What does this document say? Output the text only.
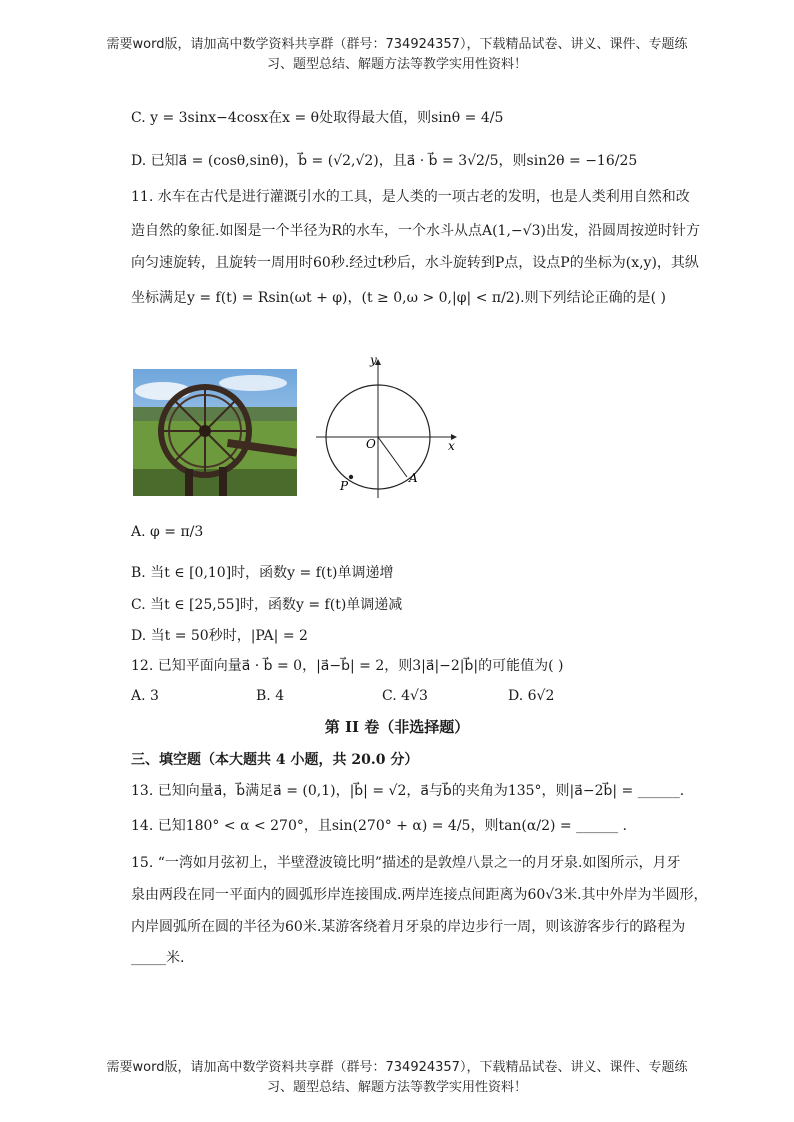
需要word版，请加高中数学资料共享群（群号：734924357），下载精品试卷、讲义、课件、专题练
习、题型总结、解题方法等教学实用性资料！
C. y = 3sinx−4cosx在x = θ处取得最大值，则sinθ = 4/5
D. 已知a⃗ = (cosθ,sinθ)，b⃗ = (√2,√2)，且a⃗ · b⃗ = 3√2/5，则sin2θ = −16/25
11. 水车在古代是进行灌溉引水的工具，是人类的一项古老的发明，也是人类利用自然和改
造自然的象征.如图是一个半径为R的水车，一个水斗从点A(1,−√3)出发，沿圆周按逆时针方
向匀速旋转，且旋转一周用时60秒.经过t秒后，水斗旋转到P点，设点P的坐标为(x,y)，其纵
坐标满足y = f(t) = Rsin(ωt + φ)，(t ≥ 0,ω > 0,|φ| < π/2).则下列结论正确的是( )
y
x
O
A
P
A. φ = π/3
B. 当t ∈ [0,10]时，函数y = f(t)单调递增
C. 当t ∈ [25,55]时，函数y = f(t)单调递减
D. 当t = 50秒时，|PA| = 2
12. 已知平面向量a⃗ · b⃗ = 0，|a⃗−b⃗| = 2，则3|a⃗|−2|b⃗|的可能值为( )
A. 3	B. 4	C. 4√3	D. 6√2
第 II 卷（非选择题）
三、填空题（本大题共 4 小题，共 20.0 分）
13. 已知向量a⃗，b⃗满足a⃗ = (0,1)，|b⃗| = √2，a⃗与b⃗的夹角为135°，则|a⃗−2b⃗| = ______.
14. 已知180° < α < 270°，且sin(270° + α) = 4/5，则tan(α/2) = ______ .
15. “一湾如月弦初上，半壁澄波镜比明”描述的是敦煌八景之一的月牙泉.如图所示，月牙
泉由两段在同一平面内的圆弧形岸连接围成.两岸连接点间距离为60√3米.其中外岸为半圆形，
内岸圆弧所在圆的半径为60米.某游客绕着月牙泉的岸边步行一周，则该游客步行的路程为
_____米.
需要word版，请加高中数学资料共享群（群号：734924357），下载精品试卷、讲义、课件、专题练
习、题型总结、解题方法等教学实用性资料！
